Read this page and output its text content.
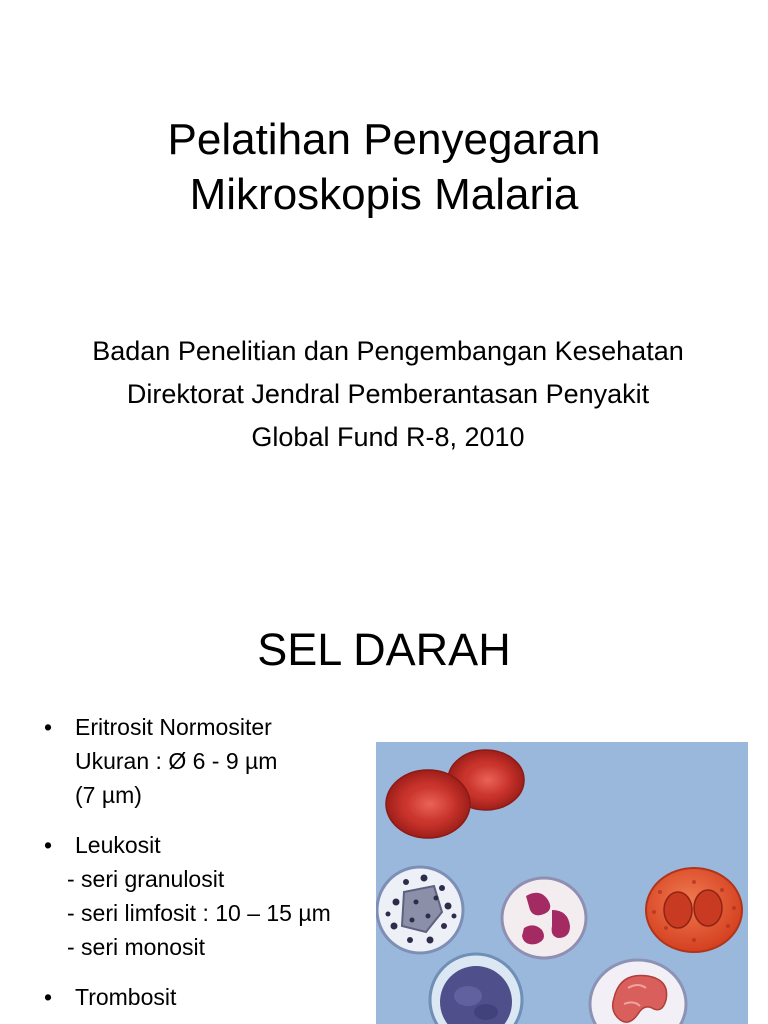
Pelatihan Penyegaran
Mikroskopis Malaria
Badan Penelitian dan Pengembangan Kesehatan
Direktorat Jendral Pemberantasan Penyakit
Global Fund R-8, 2010
SEL DARAH
• Eritrosit Normositer
Ukuran : Ø 6 - 9 µm
(7 µm)
• Leukosit
- seri granulosit
- seri limfosit : 10 – 15 µm
- seri monosit
• Trombosit
